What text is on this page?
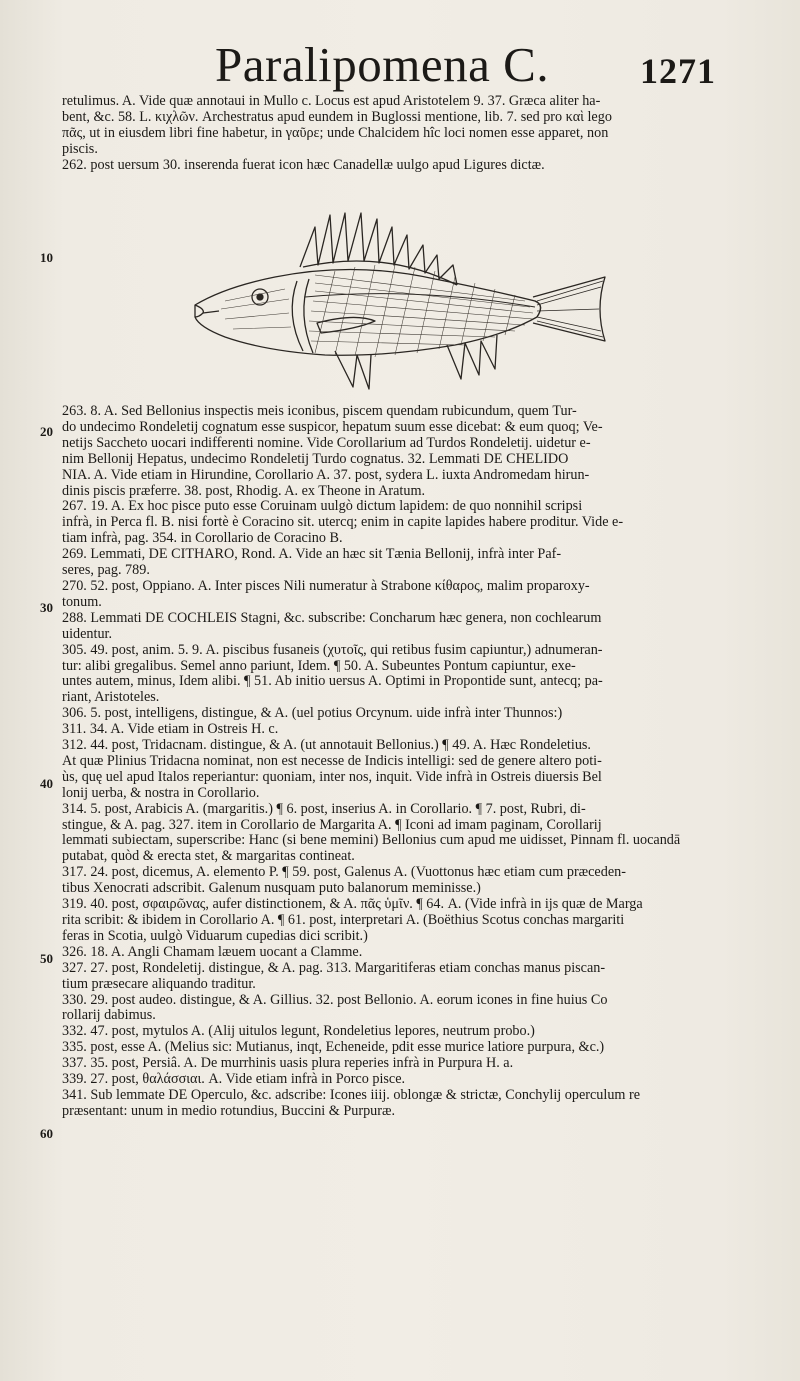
Paralipomena C.	1271
retulimus. A. Vide quæ annotaui in Mullo c. Locus est apud Aristotelem 9. 37. Græca aliter ha-
bent, &c. 58. L. κιχλῶν. Archestratus apud eundem in Buglossi mentione, lib. 7. sed pro καὶ lego
πᾶς, ut in eiusdem libri fine habetur, in γαῦρε; unde Chalcidem hîc loci nomen esse apparet, non
piscis.
262. post uersum 30. inserenda fuerat icon hæc Canadellæ uulgo apud Ligures dictæ.
10
20
30
40
50
60
263. 8. A. Sed Bellonius inspectis meis iconibus, piscem quendam rubicundum, quem Tur-
do undecimo Rondeletij cognatum esse suspicor, hepatum suum esse dicebat: & eum quoq; Ve-
netijs Saccheto uocari indifferenti nomine. Vide Corollarium ad Turdos Rondeletij. uidetur e-
nim Bellonij Hepatus, undecimo Rondeletij Turdo cognatus. 32. Lemmati DE CHELIDO
NIA. A. Vide etiam in Hirundine, Corollario A. 37. post, sydera L. iuxta Andromedam hirun-
dinis piscis præferre. 38. post, Rhodig. A. ex Theone in Aratum.
267. 19. A. Ex hoc pisce puto esse Coruinam uulgò dictum lapidem: de quo nonnihil scripsi
infrà, in Perca fl. B. nisi fortè è Coracino sit. utercq; enim in capite lapides habere proditur. Vide e-
tiam infrà, pag. 354. in Corollario de Coracino B.
269. Lemmati, DE CITHARO, Rond. A. Vide an hæc sit Tænia Bellonij, infrà inter Paf-
seres, pag. 789.
270. 52. post, Oppiano. A. Inter pisces Nili numeratur à Strabone κίθαρος, malim proparoxy-
tonum.
288. Lemmati DE COCHLEIS Stagni, &c. subscribe: Concharum hæc genera, non cochlearum
uidentur.
305. 49. post, anim. 5. 9. A. piscibus fusaneis (χυτοῖς, qui retibus fusim capiuntur,) adnumeran-
tur: alibi gregalibus. Semel anno pariunt, Idem. ¶ 50. A. Subeuntes Pontum capiuntur, exe-
untes autem, minus, Idem alibi. ¶ 51. Ab initio uersus A. Optimi in Propontide sunt, antecq; pa-
riant, Aristoteles.
306. 5. post, intelligens, distingue, & A. (uel potius Orcynum. uide infrà inter Thunnos:)
311. 34. A. Vide etiam in Ostreis H. c.
312. 44. post, Tridacnam. distingue, & A. (ut annotauit Bellonius.) ¶ 49. A. Hæc Rondeletius.
At quæ Plinius Tridacna nominat, non est necesse de Indicis intelligi: sed de genere altero poti-
ùs, quę uel apud Italos reperiantur: quoniam, inter nos, inquit. Vide infrà in Ostreis diuersis Bel
lonij uerba, & nostra in Corollario.
314. 5. post, Arabicis A. (margaritis.) ¶ 6. post, inserius A. in Corollario. ¶ 7. post, Rubri, di-
stingue, & A. pag. 327. item in Corollario de Margarita A. ¶ Iconi ad imam paginam, Corollarij
lemmati subiectam, superscribe: Hanc (si bene memini) Bellonius cum apud me uidisset, Pinnam fl. uocandā
putabat, quòd & erecta stet, & margaritas contineat.
317. 24. post, dicemus, A. elemento P. ¶ 59. post, Galenus A. (Vuottonus hæc etiam cum præceden-
tibus Xenocrati adscribit. Galenum nusquam puto balanorum meminisse.)
319. 40. post, σφαιρῶνας, aufer distinctionem, & A. πᾶς ὑμῖν. ¶ 64. A. (Vide infrà in ijs quæ de Marga
rita scribit: & ibidem in Corollario A. ¶ 61. post, interpretari A. (Boëthius Scotus conchas margariti
feras in Scotia, uulgò Viduarum cupedias dici scribit.)
326. 18. A. Angli Chamam læuem uocant a Clamme.
327. 27. post, Rondeletij. distingue, & A. pag. 313. Margaritiferas etiam conchas manus piscan-
tium præsecare aliquando traditur.
330. 29. post audeo. distingue, & A. Gillius. 32. post Bellonio. A. eorum icones in fine huius Co
rollarij dabimus.
332. 47. post, mytulos A. (Alij uitulos legunt, Rondeletius lepores, neutrum probo.)
335. post, esse A. (Melius sic: Mutianus, inqt, Echeneide, pdit esse murice latiore purpura, &c.)
337. 35. post, Persiâ. A. De murrhinis uasis plura reperies infrà in Purpura H. a.
339. 27. post, θαλάσσιαι. A. Vide etiam infrà in Porco pisce.
341. Sub lemmate DE Operculo, &c. adscribe: Icones iiij. oblongæ & strictæ, Conchylij operculum re
præsentant: unum in medio rotundius, Buccini & Purpuræ.
